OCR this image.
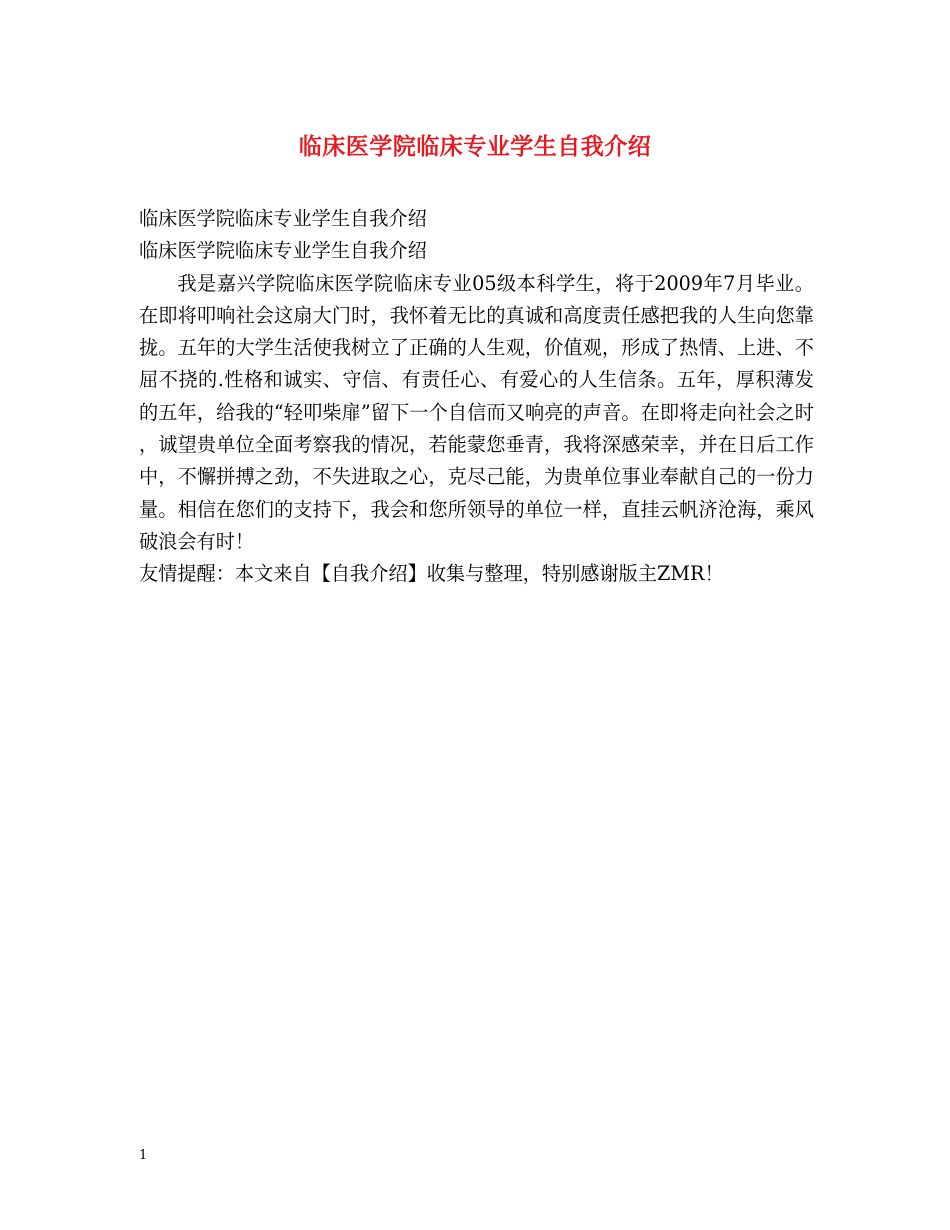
临床医学院临床专业学生自我介绍
临床医学院临床专业学生自我介绍
临床医学院临床专业学生自我介绍
我是嘉兴学院临床医学院临床专业05级本科学生，将于2009年7月毕业。在即将叩响社会这扇大门时，我怀着无比的真诚和高度责任感把我的人生向您靠拢。五年的大学生活使我树立了正确的人生观，价值观，形成了热情、上进、不屈不挠的.性格和诚实、守信、有责任心、有爱心的人生信条。五年，厚积薄发的五年，给我的“轻叩柴扉”留下一个自信而又响亮的声音。在即将走向社会之时，诚望贵单位全面考察我的情况，若能蒙您垂青，我将深感荣幸，并在日后工作中，不懈拼搏之劲，不失进取之心，克尽己能，为贵单位事业奉献自己的一份力量。相信在您们的支持下，我会和您所领导的单位一样，直挂云帆济沧海，乘风破浪会有时！
友情提醒：本文来自【自我介绍】收集与整理，特别感谢版主ZMR！
1
